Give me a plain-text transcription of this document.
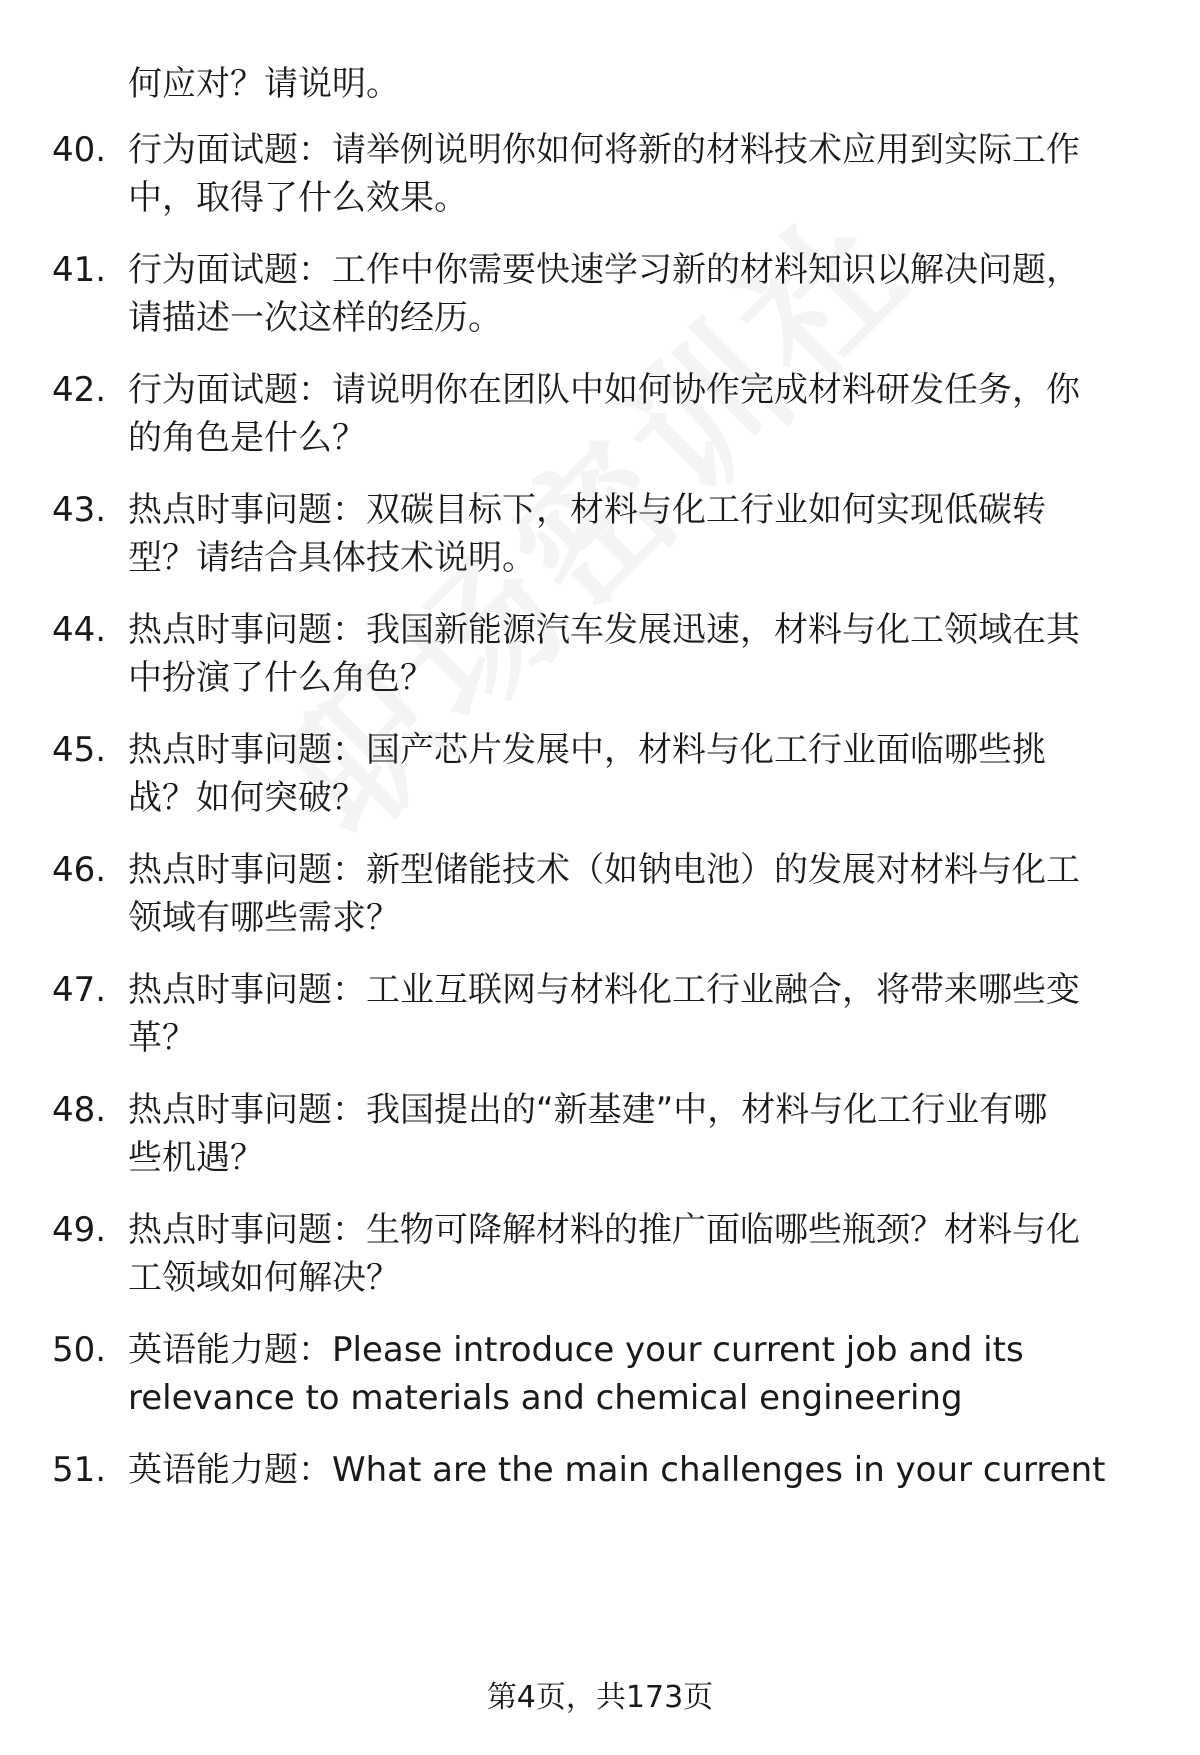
何应对？请说明。
40. 行为面试题：请举例说明你如何将新的材料技术应用到实际工作
中，取得了什么效果。
41. 行为面试题：工作中你需要快速学习新的材料知识以解决问题，
请描述一次这样的经历。
42. 行为面试题：请说明你在团队中如何协作完成材料研发任务，你
的角色是什么？
43. 热点时事问题：双碳目标下，材料与化工行业如何实现低碳转
型？请结合具体技术说明。
44. 热点时事问题：我国新能源汽车发展迅速，材料与化工领域在其
中扮演了什么角色？
45. 热点时事问题：国产芯片发展中，材料与化工行业面临哪些挑
战？如何突破？
46. 热点时事问题：新型储能技术（如钠电池）的发展对材料与化工
领域有哪些需求？
47. 热点时事问题：工业互联网与材料化工行业融合，将带来哪些变
革？
48. 热点时事问题：我国提出的“新基建”中，材料与化工行业有哪
些机遇？
49. 热点时事问题：生物可降解材料的推广面临哪些瓶颈？材料与化
工领域如何解决？
50. 英语能力题：Please introduce your current job and its
relevance to materials and chemical engineering
51. 英语能力题：What are the main challenges in your current
第4页，共173页
